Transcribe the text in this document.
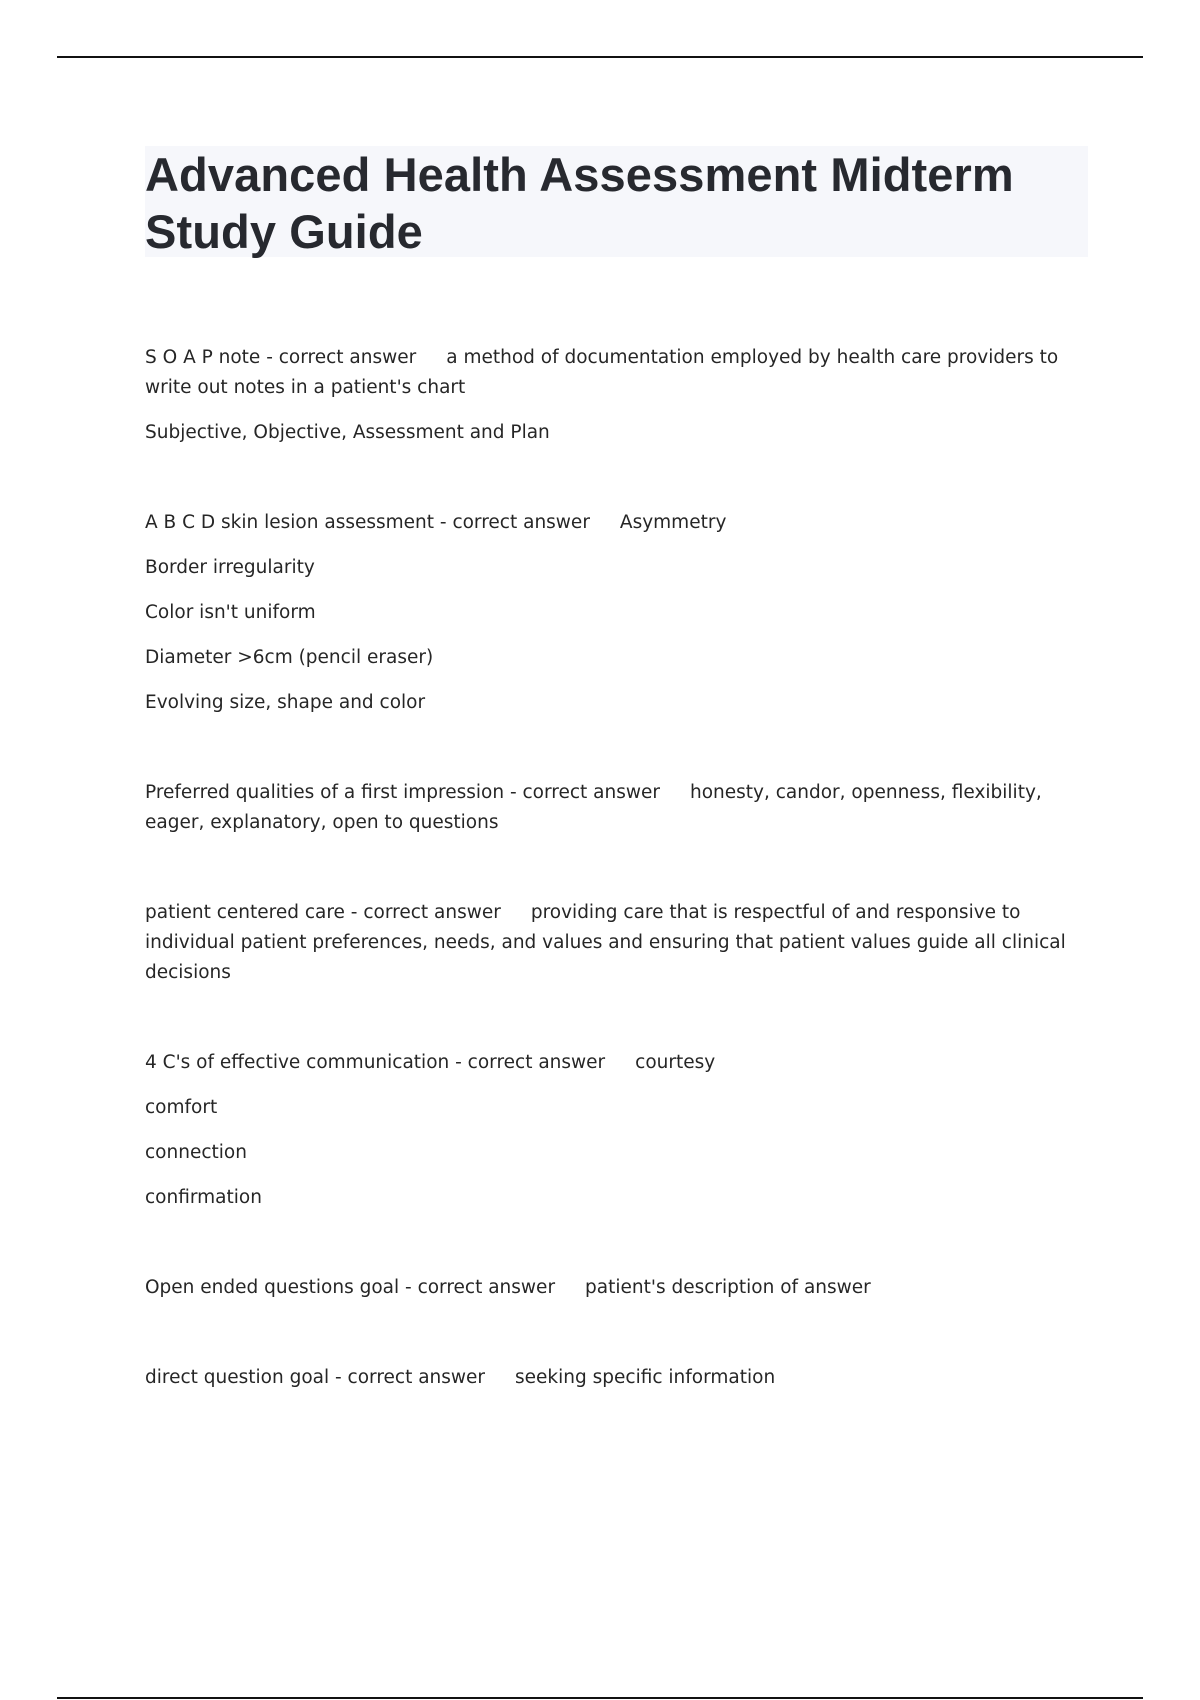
Advanced Health Assessment Midterm Study Guide

S O A P note - correct answer a method of documentation employed by health care providers to write out notes in a patient's chart

Subjective, Objective, Assessment and Plan

A B C D skin lesion assessment - correct answer Asymmetry

Border irregularity

Color isn't uniform

Diameter >6cm (pencil eraser)

Evolving size, shape and color

Preferred qualities of a first impression - correct answer honesty, candor, openness, flexibility, eager, explanatory, open to questions

patient centered care - correct answer providing care that is respectful of and responsive to individual patient preferences, needs, and values and ensuring that patient values guide all clinical decisions

4 C's of effective communication - correct answer courtesy

comfort

connection

confirmation

Open ended questions goal - correct answer patient's description of answer

direct question goal - correct answer seeking specific information
